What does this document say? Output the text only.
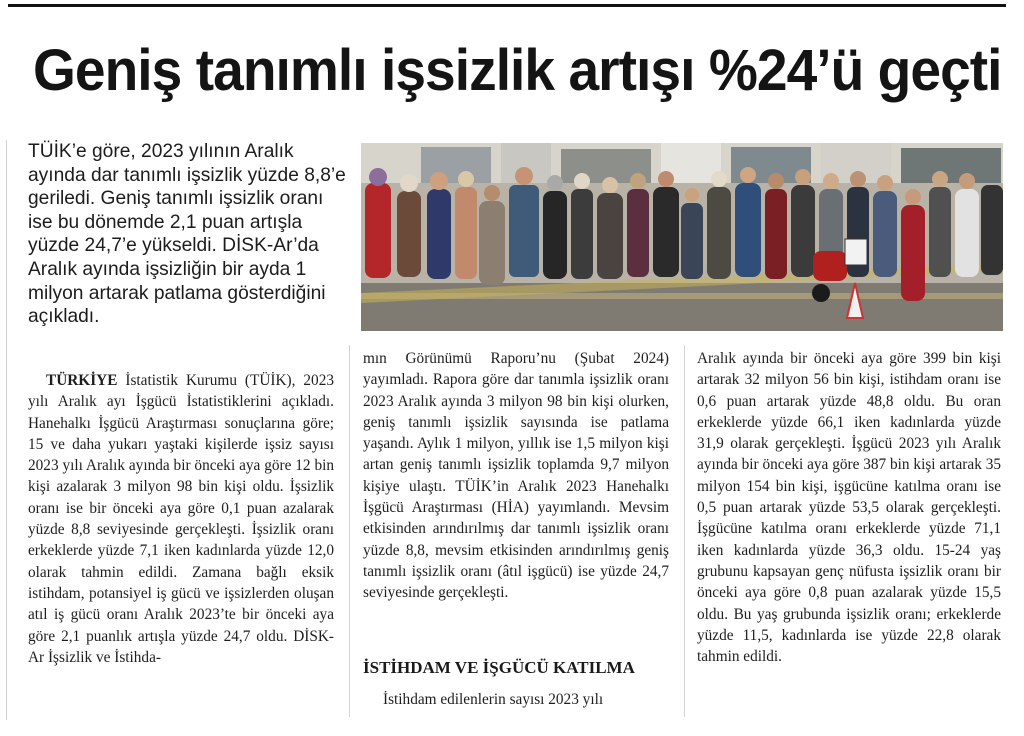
Geniş tanımlı işsizlik artışı %24’ü geçti

TÜİK’e göre, 2023 yılının Aralık ayında dar tanımlı işsizlik yüzde 8,8’e geriledi. Geniş tanımlı işsizlik oranı ise bu dönemde 2,1 puan artışla yüzde 24,7’e yükseldi. DİSK-Ar’da Aralık ayında işsizliğin bir ayda 1 milyon artarak patlama gösterdiğini açıkladı.

TÜRKİYE İstatistik Kurumu (TÜİK), 2023 yılı Aralık ayı İşgücü İstatistiklerini açıkladı. Hanehalkı İşgücü Araştırması sonuçlarına göre; 15 ve daha yukarı yaştaki kişilerde işsiz sayısı 2023 yılı Aralık ayında bir önceki aya göre 12 bin kişi azalarak 3 milyon 98 bin kişi oldu. İşsizlik oranı ise bir önceki aya göre 0,1 puan azalarak yüzde 8,8 seviyesinde gerçekleşti. İşsizlik oranı erkeklerde yüzde 7,1 iken kadınlarda yüzde 12,0 olarak tahmin edildi. Zamana bağlı eksik istihdam, potansiyel iş gücü ve işsizlerden oluşan atıl iş gücü oranı Aralık 2023’te bir önceki aya göre 2,1 puanlık artışla yüzde 24,7 oldu. DİSK-Ar İşsizlik ve İstihda-

mın Görünümü Raporu’nu (Şubat 2024) yayımladı. Rapora göre dar tanımla işsizlik oranı 2023 Aralık ayında 3 milyon 98 bin kişi olurken, geniş tanımlı işsizlik sayısında ise patlama yaşandı. Aylık 1 milyon, yıllık ise 1,5 milyon kişi artan geniş tanımlı işsizlik toplamda 9,7 milyon kişiye ulaştı. TÜİK’in Aralık 2023 Hanehalkı İşgücü Araştırması (HİA) yayımlandı. Mevsim etkisinden arındırılmış dar tanımlı işsizlik oranı yüzde 8,8, mevsim etkisinden arındırılmış geniş tanımlı işsizlik oranı (âtıl işgücü) ise yüzde 24,7 seviyesinde gerçekleşti.

İSTİHDAM VE İŞGÜCÜ KATILMA

İstihdam edilenlerin sayısı 2023 yılı

Aralık ayında bir önceki aya göre 399 bin kişi artarak 32 milyon 56 bin kişi, istihdam oranı ise 0,6 puan artarak yüzde 48,8 oldu. Bu oran erkeklerde yüzde 66,1 iken kadınlarda yüzde 31,9 olarak gerçekleşti. İşgücü 2023 yılı Aralık ayında bir önceki aya göre 387 bin kişi artarak 35 milyon 154 bin kişi, işgücüne katılma oranı ise 0,5 puan artarak yüzde 53,5 olarak gerçekleşti. İşgücüne katılma oranı erkeklerde yüzde 71,1 iken kadınlarda yüzde 36,3 oldu. 15-24 yaş grubunu kapsayan genç nüfusta işsizlik oranı bir önceki aya göre 0,8 puan azalarak yüzde 15,5 oldu. Bu yaş grubunda işsizlik oranı; erkeklerde yüzde 11,5, kadınlarda ise yüzde 22,8 olarak tahmin edildi.
